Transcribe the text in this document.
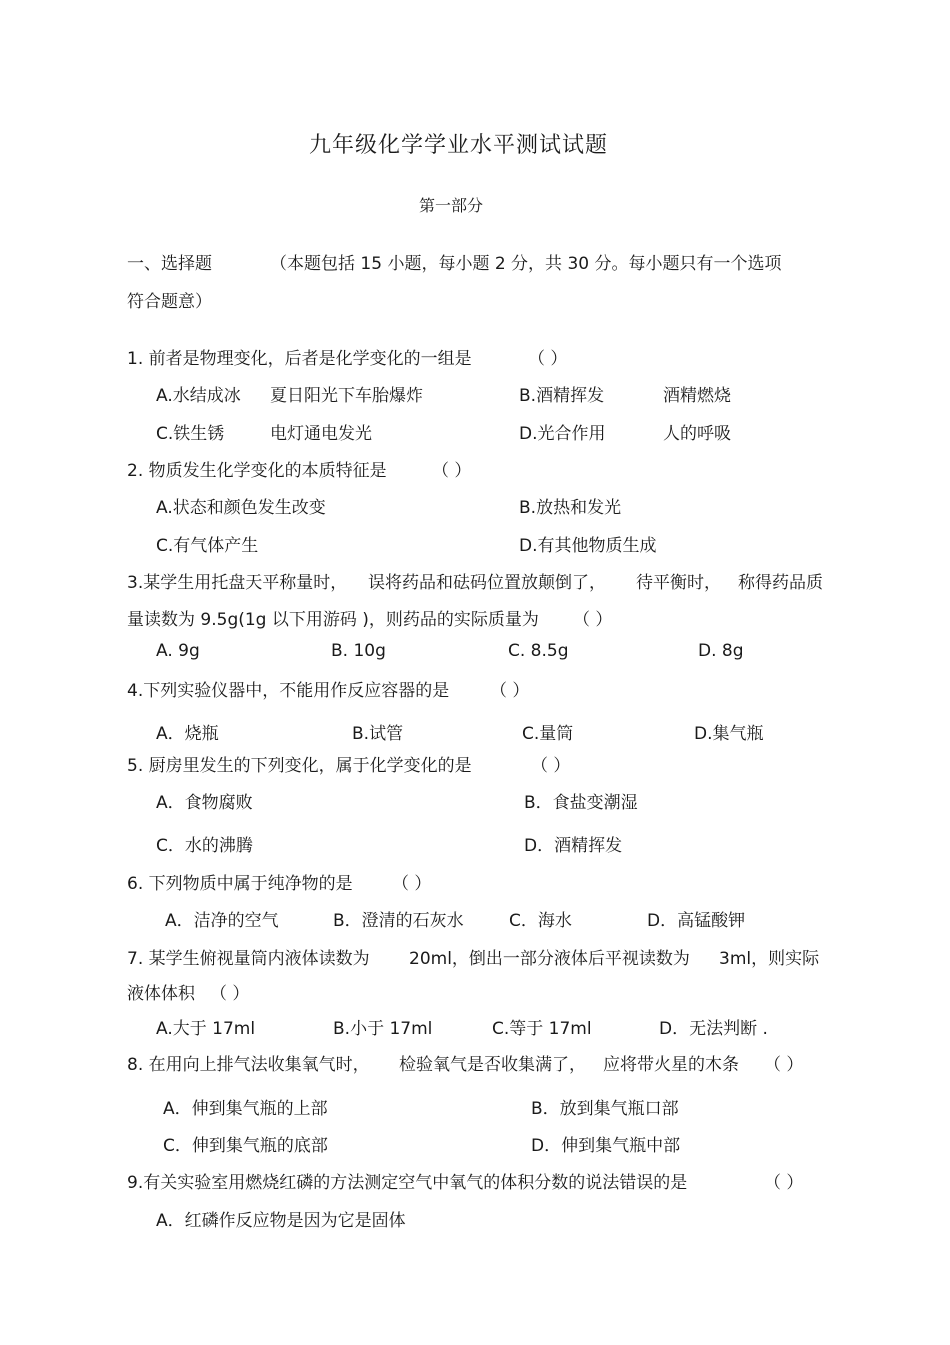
九年级化学学业水平测试试题
第一部分
一、选择题	（本题包括 15 小题，每小题 2 分，共 30 分。每小题只有一个选项
符合题意）
1. 前者是物理变化，后者是化学变化的一组是	（ ）
A.水结成冰 夏日阳光下车胎爆炸	B.酒精挥发	酒精燃烧
C.铁生锈	电灯通电发光	D.光合作用	人的呼吸
2. 物质发生化学变化的本质特征是	（ ）
A.状态和颜色发生改变	B.放热和发光
C.有气体产生	D.有其他物质生成
3.某学生用托盘天平称量时， 误将药品和砝码位置放颠倒了， 待平衡时， 称得药品质
量读数为 9.5g(1g 以下用游码 )，则药品的实际质量为 （ ）
A. 9g	B. 10g	C. 8.5g	D. 8g
4.下列实验仪器中，不能用作反应容器的是 （ ）
A．烧瓶	B.试管	C.量筒	D.集气瓶
5. 厨房里发生的下列变化，属于化学变化的是	（ ）
A．食物腐败	B．食盐变潮湿
C．水的沸腾	D．酒精挥发
6. 下列物质中属于纯净物的是 （ ）
A．洁净的空气	B．澄清的石灰水	C．海水	D．高锰酸钾
7. 某学生俯视量筒内液体读数为 20ml，倒出一部分液体后平视读数为 3ml，则实际
液体体积 （ ）
A.大于 17ml	B.小于 17ml	C.等于 17ml	D．无法判断 .
8. 在用向上排气法收集氧气时， 检验氧气是否收集满了， 应将带火星的木条 （ ）
A．伸到集气瓶的上部	B．放到集气瓶口部
C．伸到集气瓶的底部	D．伸到集气瓶中部
9.有关实验室用燃烧红磷的方法测定空气中氧气的体积分数的说法错误的是	（ ）
A．红磷作反应物是因为它是固体
